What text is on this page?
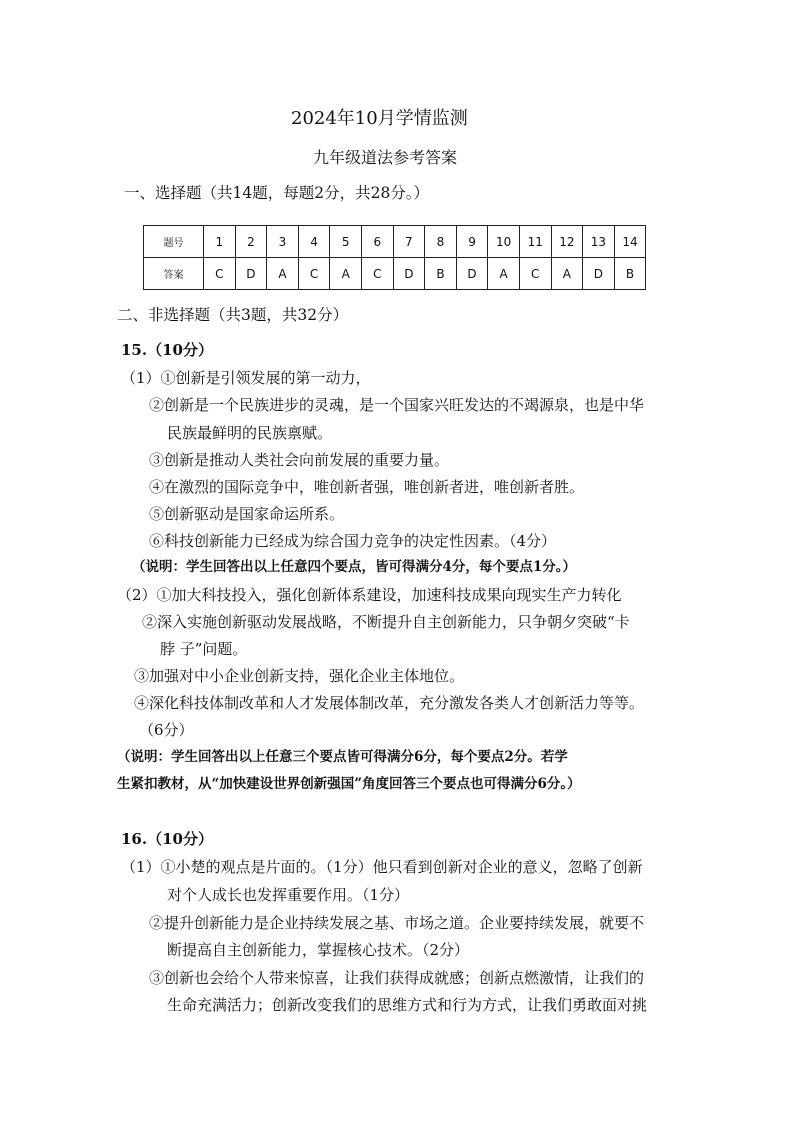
2024年10月学情监测
九年级道法参考答案
一、选择题（共14题，每题2分，共28分。）
题号	1	2	3	4	5	6	7	8	9	10	11	12	13	14
答案	C	D	A	C	A	C	D	B	D	A	C	A	D	B
二、非选择题（共3题，共32分）
15.（10分）
（1）①创新是引领发展的第一动力，
②创新是一个民族进步的灵魂，是一个国家兴旺发达的不竭源泉，也是中华
民族最鲜明的民族禀赋。
③创新是推动人类社会向前发展的重要力量。
④在激烈的国际竞争中，唯创新者强，唯创新者进，唯创新者胜。
⑤创新驱动是国家命运所系。
⑥科技创新能力已经成为综合国力竞争的决定性因素。（4分）
（说明：学生回答出以上任意四个要点，皆可得满分4分，每个要点1分。）
（2）①加大科技投入，强化创新体系建设，加速科技成果向现实生产力转化
②深入实施创新驱动发展战略，不断提升自主创新能力，只争朝夕突破“卡
脖 子”问题。
③加强对中小企业创新支持，强化企业主体地位。
④深化科技体制改革和人才发展体制改革，充分激发各类人才创新活力等等。
（6分）
（说明：学生回答出以上任意三个要点皆可得满分6分，每个要点2分。若学
生紧扣教材，从“加快建设世界创新强国”角度回答三个要点也可得满分6分。）
16.（10分）
（1）①小楚的观点是片面的。（1分）他只看到创新对企业的意义，忽略了创新
对个人成长也发挥重要作用。（1分）
②提升创新能力是企业持续发展之基、市场之道。企业要持续发展，就要不
断提高自主创新能力，掌握核心技术。（2分）
③创新也会给个人带来惊喜，让我们获得成就感；创新点燃激情，让我们的
生命充满活力；创新改变我们的思维方式和行为方式，让我们勇敢面对挑
